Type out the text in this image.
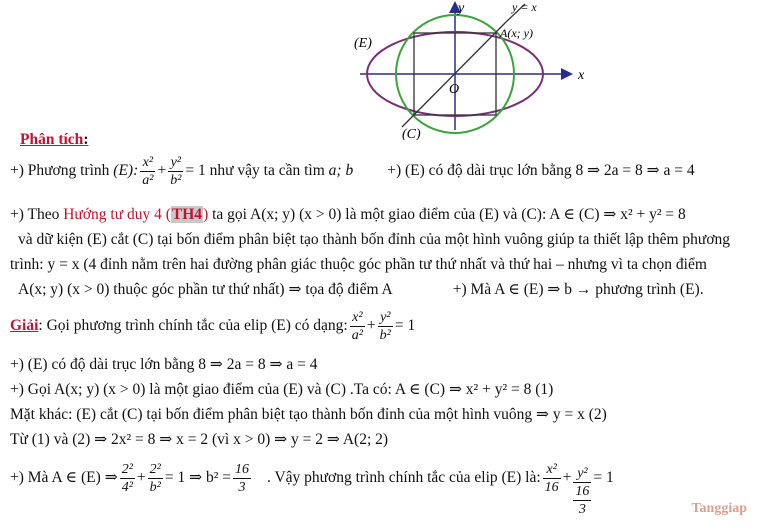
y	y = x
A(x; y)
(E)
x
O
(C)
Phân tích:
+) Phương trình
(E): $\frac{\text{x²}}{\text{a²}} + \frac{\text{y²}}{\text{b²}} = 1$ như vậy ta cần tìm
a; b +) (E) có độ dài trục lớn bằng 8 ⇒ 2a = 8 ⇒ a = 4
+) Theo Hướng tư duy 4 (TH4) ta gọi A(x; y) (x > 0) là một giao điểm của (E) và (C): A ∈ (C) ⇒ x² + y² = 8
và dữ kiện (E) cắt (C) tại bốn điểm phân biệt tạo thành bốn đỉnh của một hình vuông giúp ta thiết lập thêm phương
trình: y = x (4 đỉnh nằm trên hai đường phân giác thuộc góc phần tư thứ nhất và thứ hai – nhưng vì ta chọn điểm
A(x; y) (x > 0) thuộc góc phần tư thứ nhất) ⇒ tọa độ điểm A	+) Mà A ∈ (E) ⇒ b → phương trình (E).
Giải : Gọi phương trình chính tắc của elip (E) có dạng: $\frac{\text{x²}}{\text{a²}} + \frac{\text{y²}}{\text{b²}} = 1$
+) (E) có độ dài trục lớn bằng 8 ⇒ 2a = 8 ⇒ a = 4
+) Gọi A(x; y) (x > 0) là một giao điểm của (E) và (C) .Ta có: A ∈ (C) ⇒ x² + y² = 8 (1)
Mặt khác: (E) cắt (C) tại bốn điểm phân biệt tạo thành bốn đỉnh của một hình vuông ⇒ y = x (2)
Từ (1) và (2) ⇒ 2x² = 8 ⇒ x = 2 (vì x > 0) ⇒ y = 2 ⇒ A(2; 2)
+) Mà A ∈ (E) ⇒ $\frac{\text{2²}}{\text{4²}} + \frac{\text{2²}}{\text{b²}} = 1$ ⇒ $b^2 = \frac{16}{3}$ . Vậy phương trình chính tắc của elip (E) là: $\frac{\text{x²}}{16} + y^2$
16
3
= 1
Tanggiap
